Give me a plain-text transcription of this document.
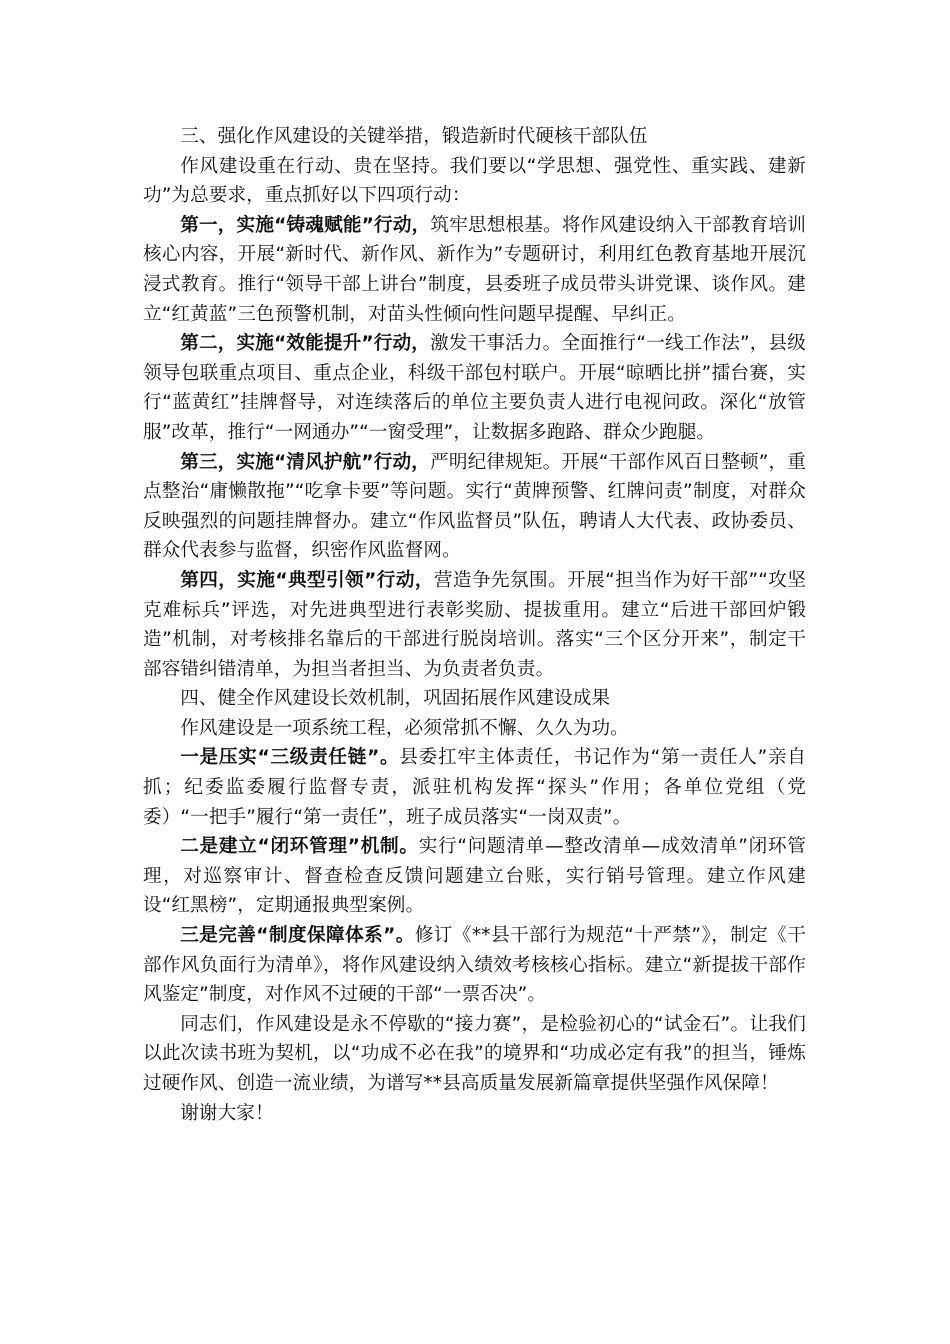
三、强化作风建设的关键举措，锻造新时代硬核干部队伍

作风建设重在行动、贵在坚持。我们要以“学思想、强党性、重实践、建新功”为总要求，重点抓好以下四项行动：

第一，实施“铸魂赋能”行动，筑牢思想根基。将作风建设纳入干部教育培训核心内容，开展“新时代、新作风、新作为”专题研讨，利用红色教育基地开展沉浸式教育。推行“领导干部上讲台”制度，县委班子成员带头讲党课、谈作风。建立“红黄蓝”三色预警机制，对苗头性倾向性问题早提醒、早纠正。

第二，实施“效能提升”行动，激发干事活力。全面推行“一线工作法”，县级领导包联重点项目、重点企业，科级干部包村联户。开展“晾晒比拼”擂台赛，实行“蓝黄红”挂牌督导，对连续落后的单位主要负责人进行电视问政。深化“放管服”改革，推行“一网通办”“一窗受理”，让数据多跑路、群众少跑腿。

第三，实施“清风护航”行动，严明纪律规矩。开展“干部作风百日整顿”，重点整治“庸懒散拖”“吃拿卡要”等问题。实行“黄牌预警、红牌问责”制度，对群众反映强烈的问题挂牌督办。建立“作风监督员”队伍，聘请人大代表、政协委员、群众代表参与监督，织密作风监督网。

第四，实施“典型引领”行动，营造争先氛围。开展“担当作为好干部”“攻坚克难标兵”评选，对先进典型进行表彰奖励、提拔重用。建立“后进干部回炉锻造”机制，对考核排名靠后的干部进行脱岗培训。落实“三个区分开来”，制定干部容错纠错清单，为担当者担当、为负责者负责。

四、健全作风建设长效机制，巩固拓展作风建设成果

作风建设是一项系统工程，必须常抓不懈、久久为功。

一是压实“三级责任链”。县委扛牢主体责任，书记作为“第一责任人”亲自抓；纪委监委履行监督专责，派驻机构发挥“探头”作用；各单位党组（党委）“一把手”履行“第一责任”，班子成员落实“一岗双责”。

二是建立“闭环管理”机制。实行“问题清单—整改清单—成效清单”闭环管理，对巡察审计、督查检查反馈问题建立台账，实行销号管理。建立作风建设“红黑榜”，定期通报典型案例。

三是完善“制度保障体系”。修订《**县干部行为规范“十严禁”》，制定《干部作风负面行为清单》，将作风建设纳入绩效考核核心指标。建立“新提拔干部作风鉴定”制度，对作风不过硬的干部“一票否决”。

同志们，作风建设是永不停歇的“接力赛”，是检验初心的“试金石”。让我们以此次读书班为契机，以“功成不必在我”的境界和“功成必定有我”的担当，锤炼过硬作风、创造一流业绩，为谱写**县高质量发展新篇章提供坚强作风保障！

谢谢大家！
